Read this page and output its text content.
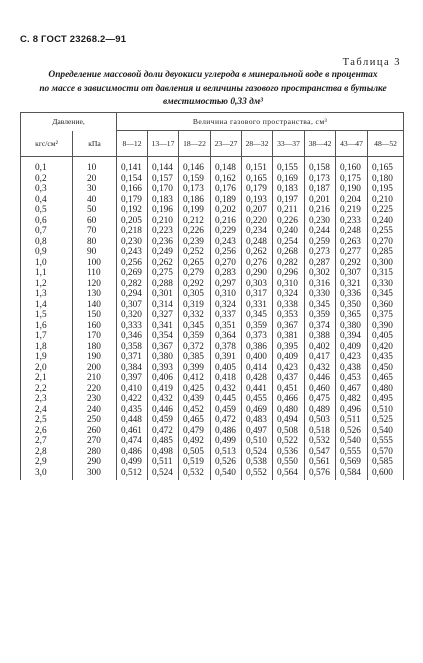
С. 8 ГОСТ 23268.2—91
Таблица 3
Определение массовой доли двуокиси углерода в минеральной воде в процентах
по массе в зависимости от давления и величины газового пространства в бутылке
вместимостью 0,33 дм³
Давление,		Величина газового пространства, см³								
кгс/см²	кПа	8—12	13—17	18—22	23—27	28—32	33—37	38—42	43—47	48—52
0,1	10	0,141	0,144	0,146	0,148	0,151	0,155	0,158	0,160	0,165
0,2	20	0,154	0,157	0,159	0,162	0,165	0,169	0,173	0,175	0,180
0,3	30	0,166	0,170	0,173	0,176	0,179	0,183	0,187	0,190	0,195
0,4	40	0,179	0,183	0,186	0,189	0,193	0,197	0,201	0,204	0,210
0,5	50	0,192	0,196	0,199	0,202	0,207	0,211	0,216	0,219	0,225
0,6	60	0,205	0,210	0,212	0,216	0,220	0,226	0,230	0,233	0,240
0,7	70	0,218	0,223	0,226	0,229	0,234	0,240	0,244	0,248	0,255
0,8	80	0,230	0,236	0,239	0,243	0,248	0,254	0,259	0,263	0,270
0,9	90	0,243	0,249	0,252	0,256	0,262	0,268	0,273	0,277	0,285
1,0	100	0,256	0,262	0,265	0,270	0,276	0,282	0,287	0,292	0,300
1,1	110	0,269	0,275	0,279	0,283	0,290	0,296	0,302	0,307	0,315
1,2	120	0,282	0,288	0,292	0,297	0,303	0,310	0,316	0,321	0,330
1,3	130	0,294	0,301	0,305	0,310	0,317	0,324	0,330	0,336	0,345
1,4	140	0,307	0,314	0,319	0,324	0,331	0,338	0,345	0,350	0,360
1,5	150	0,320	0,327	0,332	0,337	0,345	0,353	0,359	0,365	0,375
1,6	160	0,333	0,341	0,345	0,351	0,359	0,367	0,374	0,380	0,390
1,7	170	0,346	0,354	0,359	0,364	0,373	0,381	0,388	0,394	0,405
1,8	180	0,358	0,367	0,372	0,378	0,386	0,395	0,402	0,409	0,420
1,9	190	0,371	0,380	0,385	0,391	0,400	0,409	0,417	0,423	0,435
2,0	200	0,384	0,393	0,399	0,405	0,414	0,423	0,432	0,438	0,450
2,1	210	0,397	0,406	0,412	0,418	0,428	0,437	0,446	0,453	0,465
2,2	220	0,410	0,419	0,425	0,432	0,441	0,451	0,460	0,467	0,480
2,3	230	0,422	0,432	0,439	0,445	0,455	0,466	0,475	0,482	0,495
2,4	240	0,435	0,446	0,452	0,459	0,469	0,480	0,489	0,496	0,510
2,5	250	0,448	0,459	0,465	0,472	0,483	0,494	0,503	0,511	0,525
2,6	260	0,461	0,472	0,479	0,486	0,497	0,508	0,518	0,526	0,540
2,7	270	0,474	0,485	0,492	0,499	0,510	0,522	0,532	0,540	0,555
2,8	280	0,486	0,498	0,505	0,513	0,524	0,536	0,547	0,555	0,570
2,9	290	0,499	0,511	0,519	0,526	0,538	0,550	0,561	0,569	0,585
3,0	300	0,512	0,524	0,532	0,540	0,552	0,564	0,576	0,584	0,600
